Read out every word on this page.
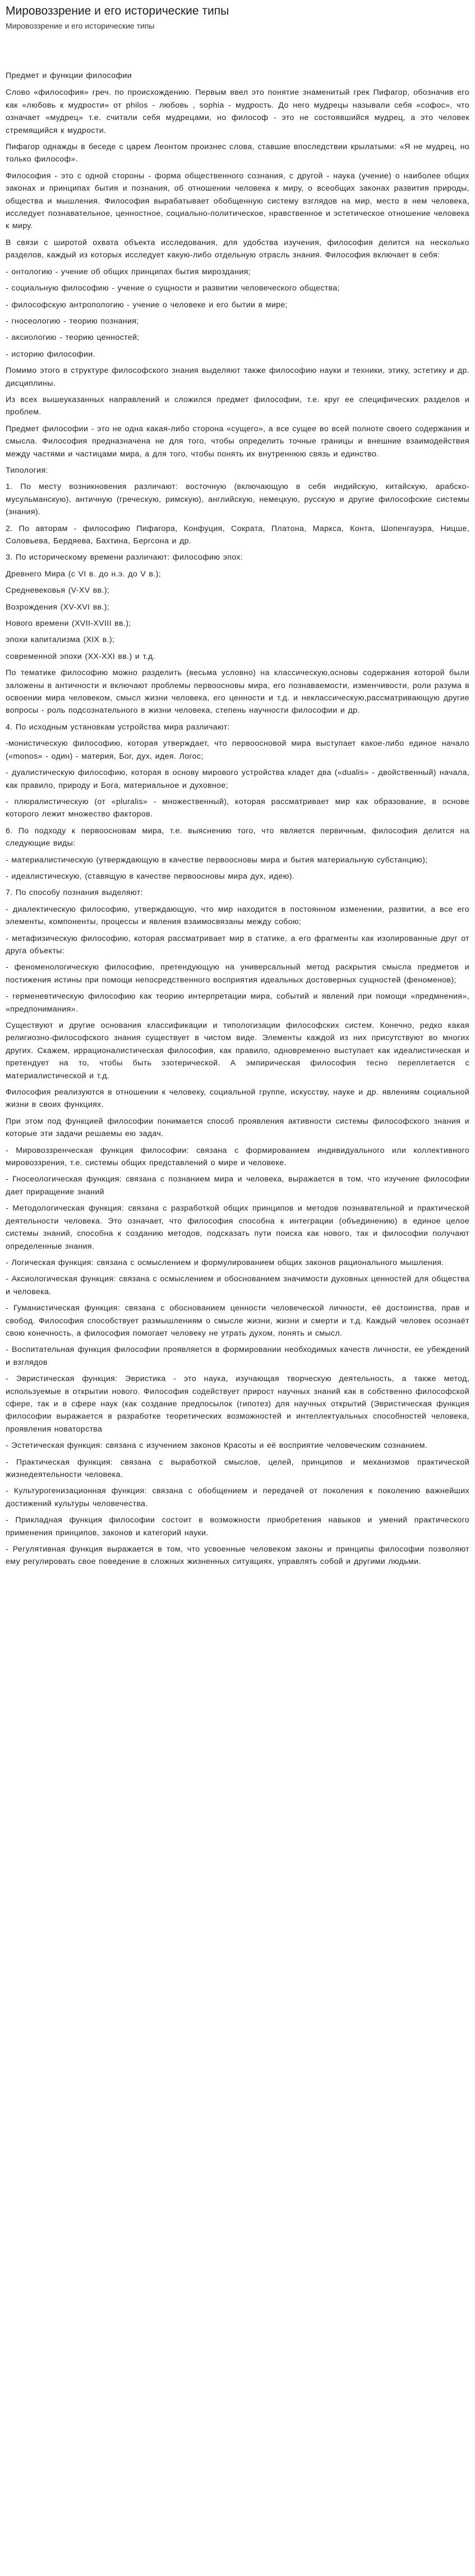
Мировоззрение и его исторические типы
Мировоззрение и его исторические типы

Предмет и функции философии

Слово «философия» греч. по происхождению. Первым ввел это понятие знаменитый грек Пифагор, обозначив его как «любовь к мудрости» от philos - любовь , sophia - мудрость. До него мудрецы называли себя «софос», что означает «мудрец» т.е. считали себя мудрецами, но философ - это не состоявшийся мудрец, а это человек стремящийся к мудрости.

Пифагор однажды в беседе с царем Леонтом произнес слова, ставшие впоследствии крылатыми: «Я не мудрец, но только философ».

Философия - это с одной стороны - форма общественного сознания, с другой - наука (учение) о наиболее общих законах и принципах бытия и познания, об отношении человека к миру, о всеобщих законах развития природы, общества и мышления. Философия вырабатывает обобщенную систему взглядов на мир, место в нем человека, исследует познавательное, ценностное, социально-политическое, нравственное и эстетическое отношение человека к миру.

В связи с широтой охвата объекта исследования, для удобства изучения, философия делится на несколько разделов, каждый из которых исследует какую-либо отдельную отрасль знания. Философия включает в себя:

- онтологию - учение об общих принципах бытия мироздания;

- социальную философию - учение о сущности и развитии человеческого общества;

- философскую антропологию - учение о человеке и его бытии в мире;

- гносеологию - теорию познания;

- аксиологию - теорию ценностей;

- историю философии.

Помимо этого в структуре философского знания выделяют также философию науки и техники, этику, эстетику и др. дисциплины.

Из всех вышеуказанных направлений и сложился предмет философии, т.е. круг ее специфических разделов и проблем.

Предмет философии - это не одна какая-либо сторона «сущего», а все сущее во всей полноте своего содержания и смысла. Философия предназначена не для того, чтобы определить точные границы и внешние взаимодействия между частями и частицами мира, а для того, чтобы понять их внутреннюю связь и единство.

Типология:

1. По месту возникновения различают: восточную (включающую в себя индийскую, китайскую, арабско-мусульманскую), античную (греческую, римскую), английскую, немецкую, русскую и другие философские системы (знания).

2. По авторам - философию Пифагора, Конфуция, Сократа, Платона, Маркса, Конта, Шопенгауэра, Ницше, Соловьева, Бердяева, Бахтина, Бергсона и др.

3. По историческому времени различают: философию эпох:

Древнего Мира (с VI в. до н.э. до V в.);

Средневековья (V-XV вв.);

Возрождения (XV-XVI вв.);

Нового времени (XVII-XVIII вв.);

эпохи капитализма (XIX в.);

современной эпохи (XX-XXI вв.) и т.д.

По тематике философию можно разделить (весьма условно) на классическую,основы содержания которой были заложены в античности и включают проблемы первоосновы мира, его познаваемости, изменчивости, роли разума в освоении мира человеком, смысл жизни человека, его ценности и т.д. и неклассическую,рассматривающую другие вопросы - роль подсознательного в жизни человека, степень научности философии и др.

4. По исходным установкам устройства мира различают:

-монистическую философию, которая утверждает, что первоосновой мира выступает какое-либо единое начало («monos» - один) - материя, Бог, дух, идея. Логос;

- дуалистическую философию, которая в основу мирового устройства кладет два («dualis» - двойственный) начала, как правило, природу и Бога, материальное и духовное;

- плюралистическую (от «pluralis» - множественный), которая рассматривает мир как образование, в основе которого лежит множество факторов.

6. По подходу к первоосновам мира, т.е. выяснению того, что является первичным, философия делится на следующие виды:

- материалистическую (утверждающую в качестве первоосновы мира и бытия материальную субстанцию);

- идеалистическую, (ставящую в качестве первоосновы мира дух, идею).

7. По способу познания выделяют:

- диалектическую философию, утверждающую, что мир находится в постоянном изменении, развитии, а все его элементы, компоненты, процессы и явления взаимосвязаны между собою;

- метафизическую философию, которая рассматривает мир в статике, а его фрагменты как изолированные друг от друга объекты:

- феноменологическую философию, претендующую на универсальный метод раскрытия смысла предметов и постижения истины при помощи непосредственного восприятия идеальных достоверных сущностей (феноменов);

- герменевтическую философию как теорию интерпретации мира, событий и явлений при помощи «предмнения», «предпонимания».

Существуют и другие основания классификации и типологизации философских систем. Конечно, редко какая религиозно-философского знания существует в чистом виде. Элементы каждой из них присутствуют во многих других. Скажем, иррационалистическая философия, как правило, одновременно выступает как идеалистическая и претендует на то, чтобы быть эзотерической. А эмпирическая философия тесно переплетается с материалистической и т.д.

Философия реализуются в отношении к человеку, социальной группе, искусству, науке и др. явлениям социальной жизни в своих функциях.

При этом под функцией философии понимается способ проявления активности системы философского знания и которые эти задачи решаемы ею задач.

- Мировоззренческая функция философии: связана с формированием индивидуального или коллективного мировоззрения, т.е. системы общих представлений о мире и человеке.

- Гносеологическая функция: связана с познанием мира и человека, выражается в том, что изучение философии дает приращение знаний

- Методологическая функция: связана с разработкой общих принципов и методов познавательной и практической деятельности человека. Это означает, что философия способна к интеграции (объединению) в единое целое системы знаний, способна к созданию методов, подсказать пути поиска как нового, так и философии получают определенные знания.

- Логическая функция: связана с осмыслением и формулированием общих законов рационального мышления.

- Аксиологическая функция: связана с осмыслением и обоснованием значимости духовных ценностей для общества и человека.

- Гуманистическая функция: связана с обоснованием ценности человеческой личности, её достоинства, прав и свобод. Философия способствует размышлениям о смысле жизни, жизни и смерти и т.д. Каждый человек осознаёт свою конечность, а философия помогает человеку не утрать духом, понять и смысл.

- Воспитательная функция философии проявляется в формировании необходимых качеств личности, ее убеждений и взглядов

- Эвристическая функция: Эвристика - это наука, изучающая творческую деятельность, а также метод, используемые в открытии нового. Философия содействует прирост научных знаний как в собственно философской сфере, так и в сфере наук (как создание предпосылок (гипотез) для научных открытий (Эвристическая функция философии выражается в разработке теоретических возможностей и интеллектуальных способностей человека, проявления новаторства

- Эстетическая функция: связана с изучением законов Красоты и её восприятие человеческим сознанием.

- Практическая функция: связана с выработкой смыслов, целей, принципов и механизмов практической жизнедеятельности человека.

- Культурогенизационная функция: связана с обобщением и передачей от поколения к поколению важнейших достижений культуры человечества.

- Прикладная функция философии состоит в возможности приобретения навыков и умений практического применения принципов, законов и категорий науки.

- Регулятивная функция выражается в том, что усвоенные человеком законы и принципы философии позволяют ему регулировать свое поведение в сложных жизненных ситуациях, управлять собой и другими людьми.
